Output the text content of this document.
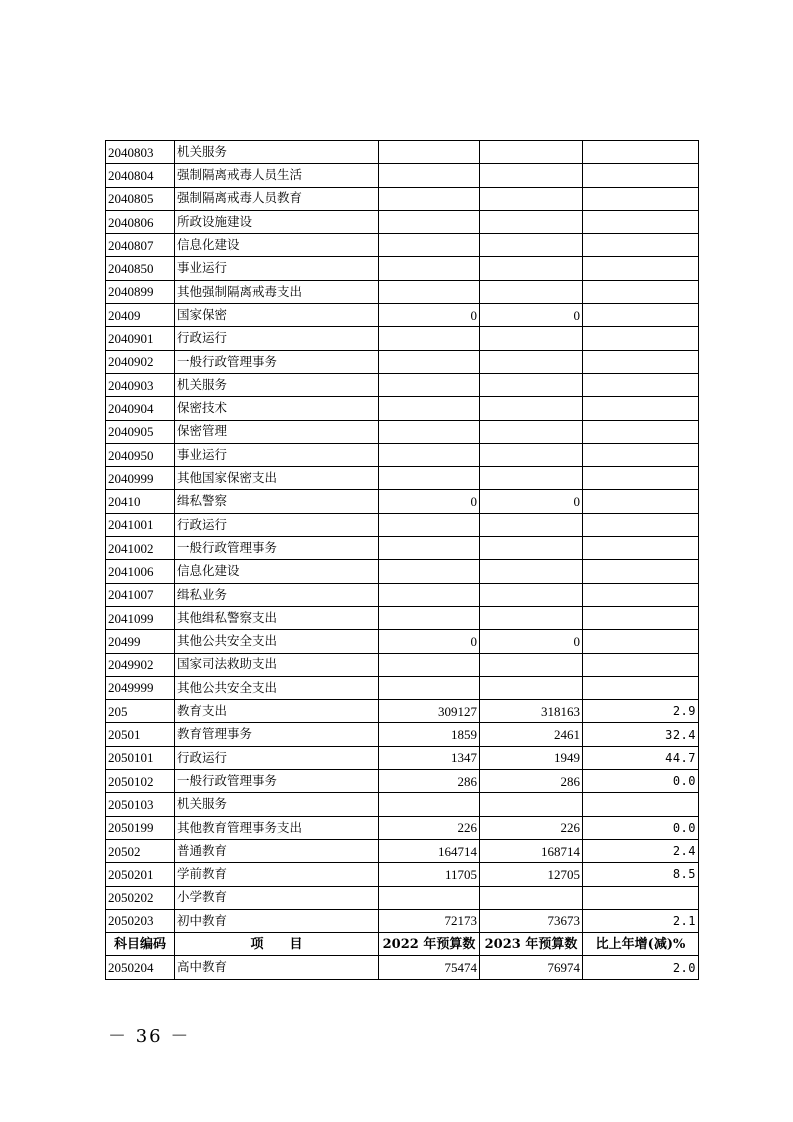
2040803	机关服务			
2040804	强制隔离戒毒人员生活			
2040805	强制隔离戒毒人员教育			
2040806	所政设施建设			
2040807	信息化建设			
2040850	事业运行			
2040899	其他强制隔离戒毒支出			
20409	国家保密	0	0	
2040901	行政运行			
2040902	一般行政管理事务			
2040903	机关服务			
2040904	保密技术			
2040905	保密管理			
2040950	事业运行			
2040999	其他国家保密支出			
20410	缉私警察	0	0	
2041001	行政运行			
2041002	一般行政管理事务			
2041006	信息化建设			
2041007	缉私业务			
2041099	其他缉私警察支出			
20499	其他公共安全支出	0	0	
2049902	国家司法救助支出			
2049999	其他公共安全支出			
205	教育支出	309127	318163	2.9
20501	教育管理事务	1859	2461	32.4
2050101	行政运行	1347	1949	44.7
2050102	一般行政管理事务	286	286	0.0
2050103	机关服务			
2050199	其他教育管理事务支出	226	226	0.0
20502	普通教育	164714	168714	2.4
2050201	学前教育	11705	12705	8.5
2050202	小学教育			
2050203	初中教育	72173	73673	2.1
科目编码	项　　目	2022 年预算数	2023 年预算数	比上年增(减)%
2050204	高中教育	75474	76974	2.0
－ 36 －
